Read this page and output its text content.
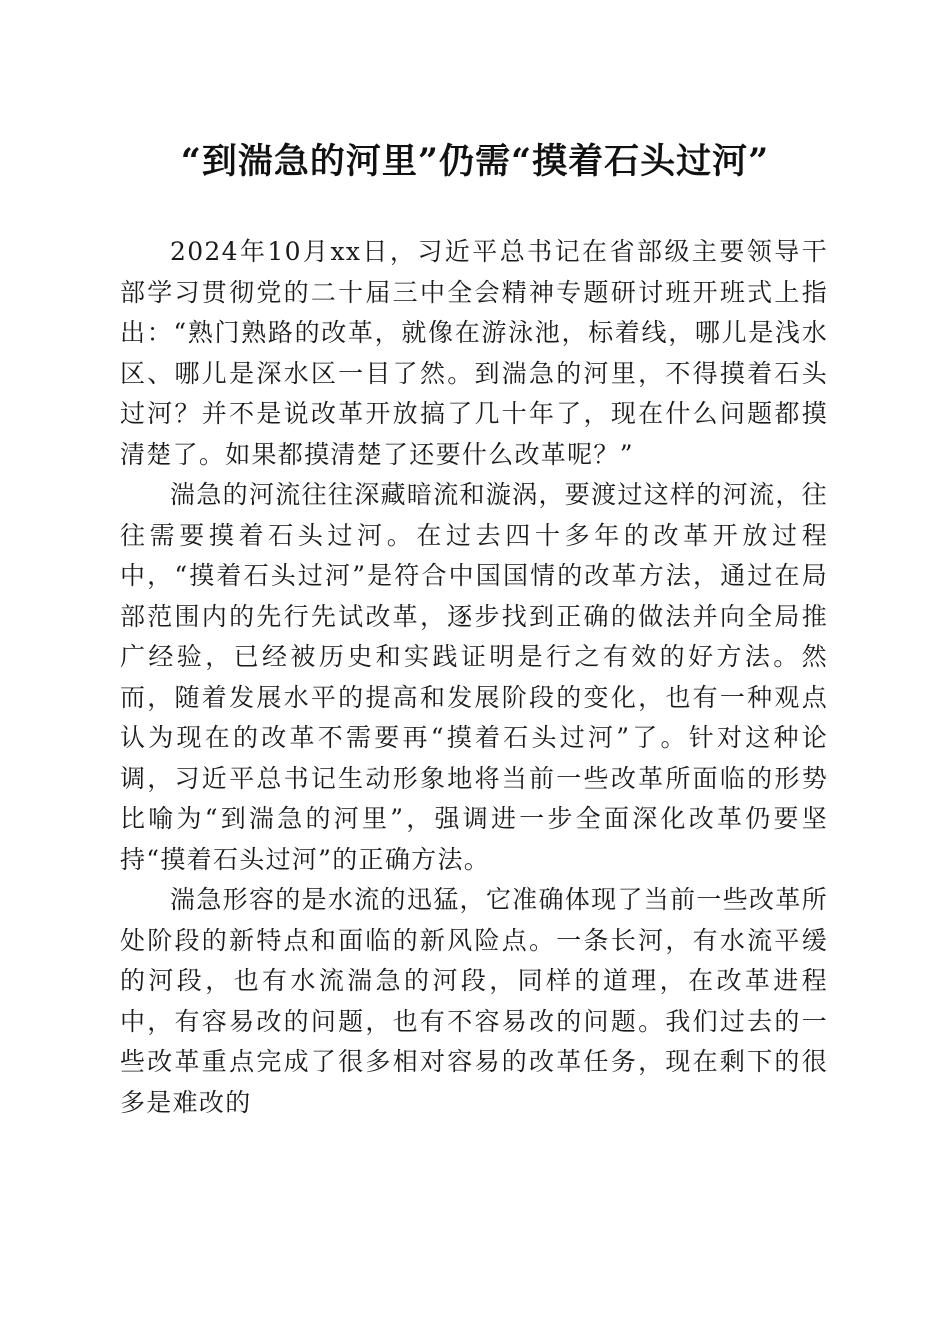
“到湍急的河里”仍需“摸着石头过河”

2024年10月xx日，习近平总书记在省部级主要领导干部学习贯彻党的二十届三中全会精神专题研讨班开班式上指出：“熟门熟路的改革，就像在游泳池，标着线，哪儿是浅水区、哪儿是深水区一目了然。到湍急的河里，不得摸着石头过河？并不是说改革开放搞了几十年了，现在什么问题都摸清楚了。如果都摸清楚了还要什么改革呢？”

湍急的河流往往深藏暗流和漩涡，要渡过这样的河流，往往需要摸着石头过河。在过去四十多年的改革开放过程中，“摸着石头过河”是符合中国国情的改革方法，通过在局部范围内的先行先试改革，逐步找到正确的做法并向全局推广经验，已经被历史和实践证明是行之有效的好方法。然而，随着发展水平的提高和发展阶段的变化，也有一种观点认为现在的改革不需要再“摸着石头过河”了。针对这种论调，习近平总书记生动形象地将当前一些改革所面临的形势比喻为“到湍急的河里”，强调进一步全面深化改革仍要坚持“摸着石头过河”的正确方法。

湍急形容的是水流的迅猛，它准确体现了当前一些改革所处阶段的新特点和面临的新风险点。一条长河，有水流平缓的河段，也有水流湍急的河段，同样的道理，在改革进程中，有容易改的问题，也有不容易改的问题。我们过去的一些改革重点完成了很多相对容易的改革任务，现在剩下的很多是难改的
